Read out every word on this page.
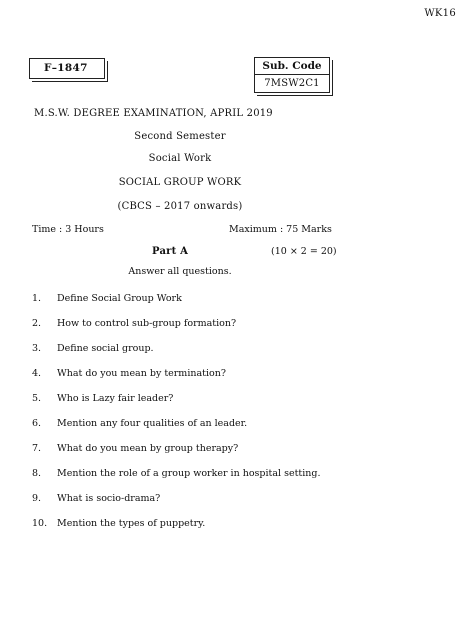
WK16
F–1847	Sub. Code
7MSW2C1
M.S.W. DEGREE EXAMINATION, APRIL 2019
Second Semester
Social Work
SOCIAL GROUP WORK
(CBCS – 2017 onwards)
Time : 3 Hours	Maximum : 75 Marks
Part A	(10 × 2 = 20)
Answer all questions.
1. Define Social Group Work
2. How to control sub-group formation?
3. Define social group.
4. What do you mean by termination?
5. Who is Lazy fair leader?
6. Mention any four qualities of an leader.
7. What do you mean by group therapy?
8. Mention the role of a group worker in hospital setting.
9. What is socio-drama?
10. Mention the types of puppetry.
